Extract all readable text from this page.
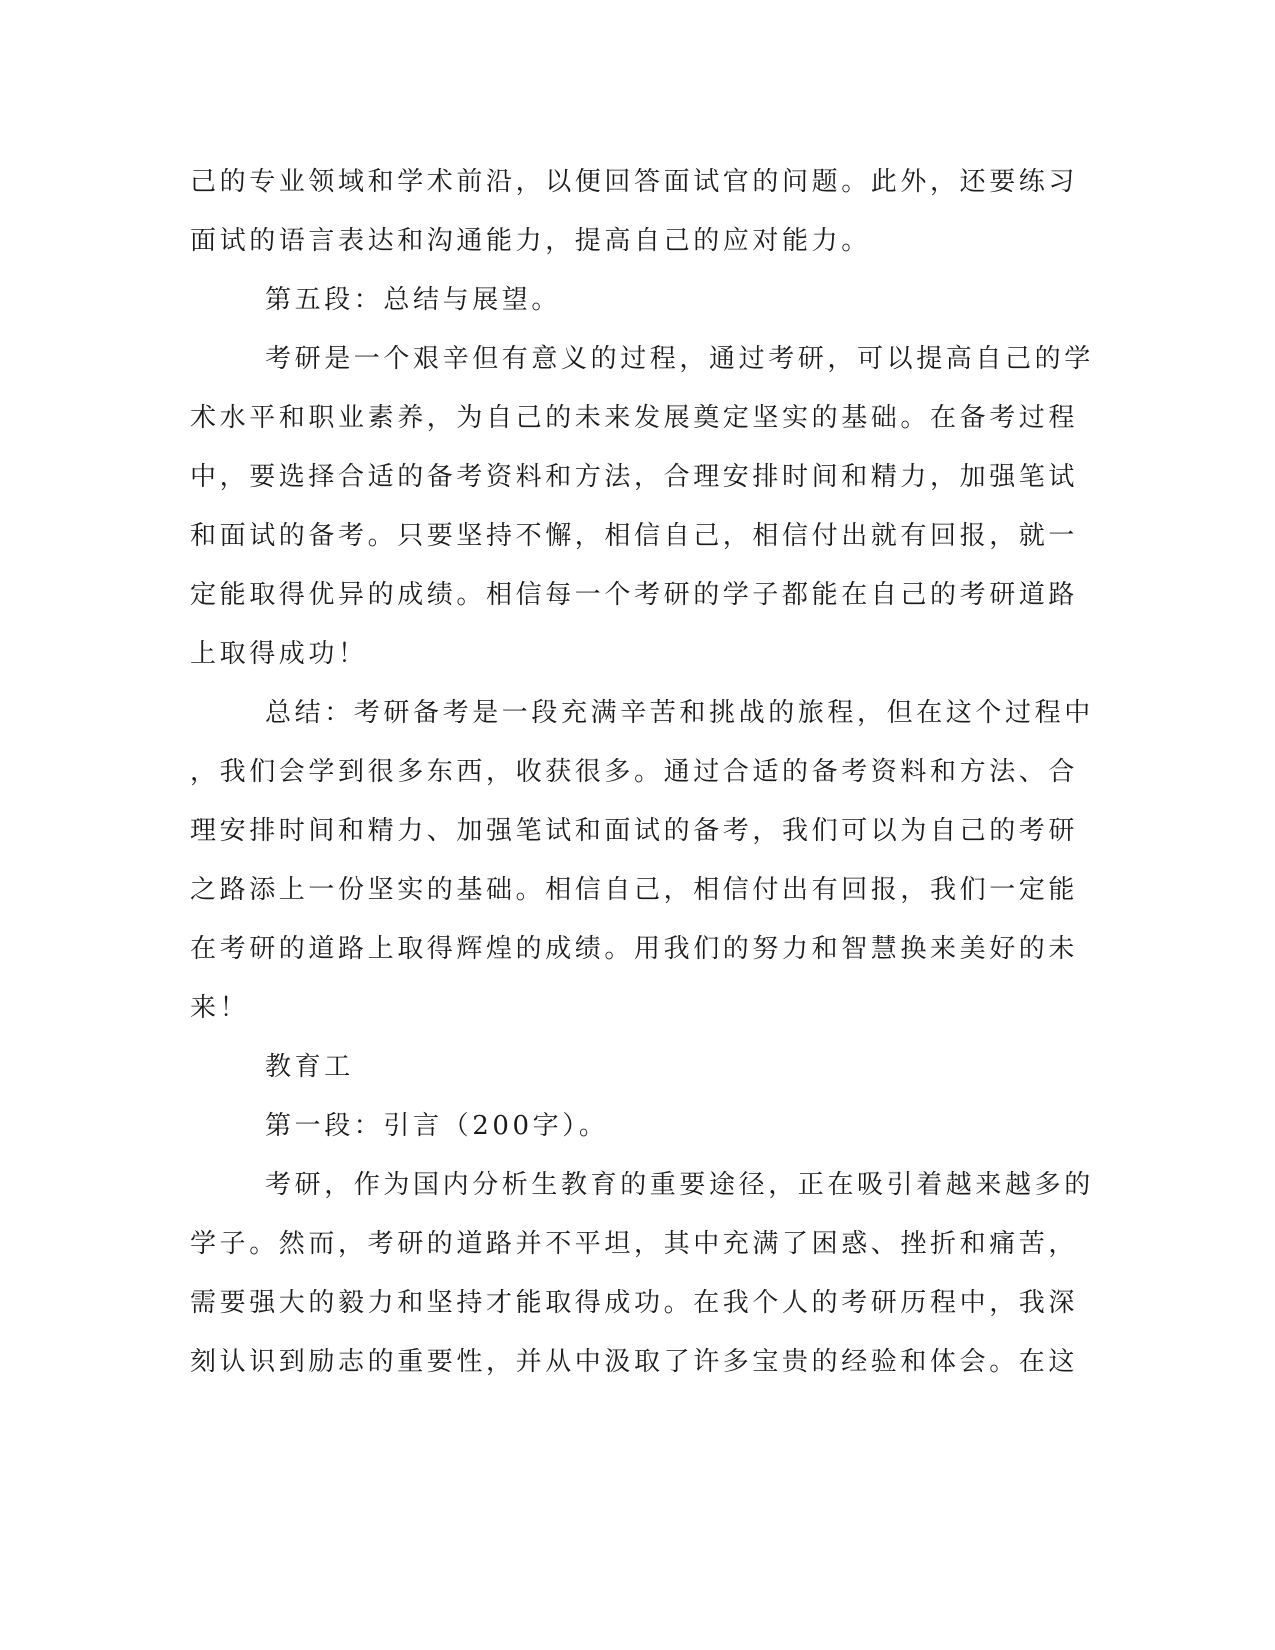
己的专业领域和学术前沿，以便回答面试官的问题。此外，还要练习
面试的语言表达和沟通能力，提高自己的应对能力。
第五段：总结与展望。
考研是一个艰辛但有意义的过程，通过考研，可以提高自己的学
术水平和职业素养，为自己的未来发展奠定坚实的基础。在备考过程
中，要选择合适的备考资料和方法，合理安排时间和精力，加强笔试
和面试的备考。只要坚持不懈，相信自己，相信付出就有回报，就一
定能取得优异的成绩。相信每一个考研的学子都能在自己的考研道路
上取得成功！
总结：考研备考是一段充满辛苦和挑战的旅程，但在这个过程中
，我们会学到很多东西，收获很多。通过合适的备考资料和方法、合
理安排时间和精力、加强笔试和面试的备考，我们可以为自己的考研
之路添上一份坚实的基础。相信自己，相信付出有回报，我们一定能
在考研的道路上取得辉煌的成绩。用我们的努力和智慧换来美好的未
来！
教育工
第一段：引言（200字）。
考研，作为国内分析生教育的重要途径，正在吸引着越来越多的
学子。然而，考研的道路并不平坦，其中充满了困惑、挫折和痛苦，
需要强大的毅力和坚持才能取得成功。在我个人的考研历程中，我深
刻认识到励志的重要性，并从中汲取了许多宝贵的经验和体会。在这
